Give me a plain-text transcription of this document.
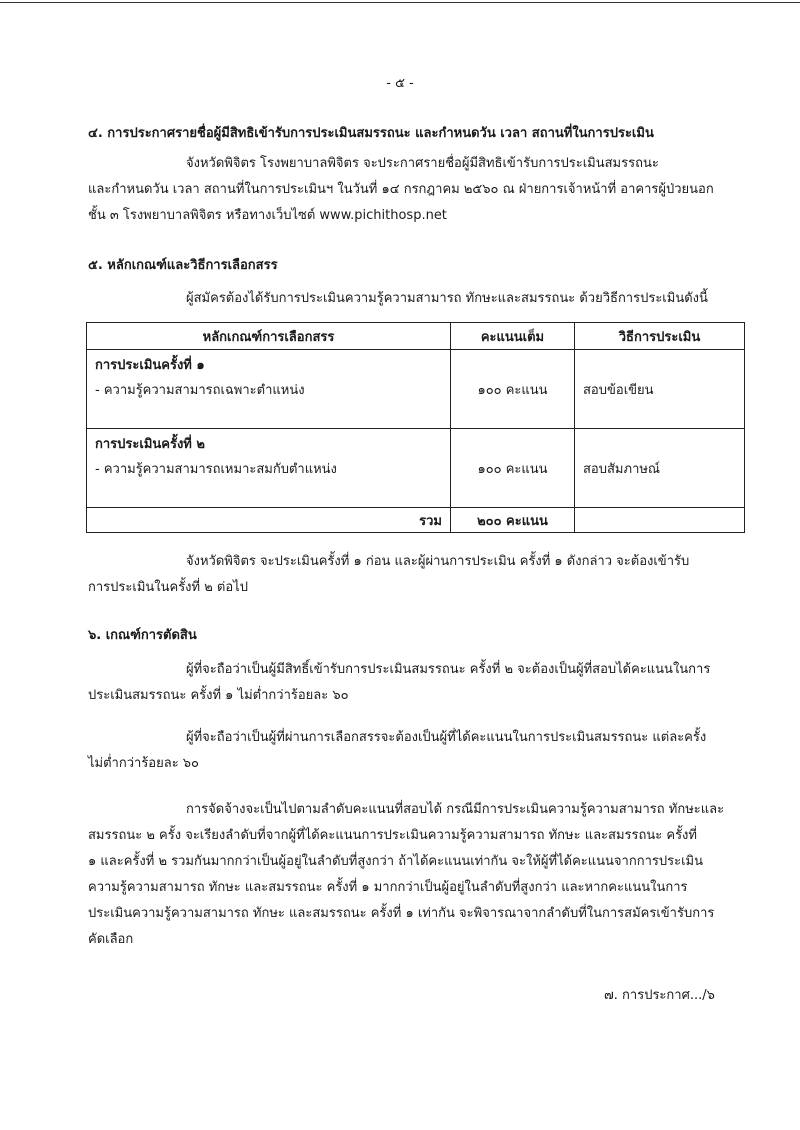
- ๕ -
๔. การประกาศรายชื่อผู้มีสิทธิเข้ารับการประเมินสมรรถนะ และกำหนดวัน เวลา สถานที่ในการประเมิน
จังหวัดพิจิตร โรงพยาบาลพิจิตร จะประกาศรายชื่อผู้มีสิทธิเข้ารับการประเมินสมรรถนะ
และกำหนดวัน เวลา สถานที่ในการประเมินฯ ในวันที่ ๑๔ กรกฎาคม ๒๕๖๐ ณ ฝ่ายการเจ้าหน้าที่ อาคารผู้ป่วยนอก
ชั้น ๓ โรงพยาบาลพิจิตร หรือทางเว็บไซต์ www.pichithosp.net
๕. หลักเกณฑ์และวิธีการเลือกสรร
ผู้สมัครต้องได้รับการประเมินความรู้ความสามารถ ทักษะและสมรรถนะ ด้วยวิธีการประเมินดังนี้
หลักเกณฑ์การเลือกสรร	คะแนนเต็ม	วิธีการประเมิน

การประเมินครั้งที่ ๑
- ความรู้ความสามารถเฉพาะตำแหน่ง	๑๐๐ คะแนน	สอบข้อเขียน

การประเมินครั้งที่ ๒
- ความรู้ความสามารถเหมาะสมกับตำแหน่ง	๑๐๐ คะแนน	สอบสัมภาษณ์
รวม	๒๐๐ คะแนน	
จังหวัดพิจิตร จะประเมินครั้งที่ ๑ ก่อน และผู้ผ่านการประเมิน ครั้งที่ ๑ ดังกล่าว จะต้องเข้ารับ
การประเมินในครั้งที่ ๒ ต่อไป
๖. เกณฑ์การตัดสิน
ผู้ที่จะถือว่าเป็นผู้มีสิทธิ์เข้ารับการประเมินสมรรถนะ ครั้งที่ ๒ จะต้องเป็นผู้ที่สอบได้คะแนนในการ
ประเมินสมรรถนะ ครั้งที่ ๑ ไม่ต่ำกว่าร้อยละ ๖๐
ผู้ที่จะถือว่าเป็นผู้ที่ผ่านการเลือกสรรจะต้องเป็นผู้ที่ได้คะแนนในการประเมินสมรรถนะ แต่ละครั้ง
ไม่ต่ำกว่าร้อยละ ๖๐
การจัดจ้างจะเป็นไปตามลำดับคะแนนที่สอบได้ กรณีมีการประเมินความรู้ความสามารถ ทักษะและ
สมรรถนะ ๒ ครั้ง จะเรียงลำดับที่จากผู้ที่ได้คะแนนการประเมินความรู้ความสามารถ ทักษะ และสมรรถนะ ครั้งที่
๑ และครั้งที่ ๒ รวมกันมากกว่าเป็นผู้อยู่ในลำดับที่สูงกว่า ถ้าได้คะแนนเท่ากัน จะให้ผู้ที่ได้คะแนนจากการประเมิน
ความรู้ความสามารถ ทักษะ และสมรรถนะ ครั้งที่ ๑ มากกว่าเป็นผู้อยู่ในลำดับที่สูงกว่า และหากคะแนนในการ
ประเมินความรู้ความสามารถ ทักษะ และสมรรถนะ ครั้งที่ ๑ เท่ากัน จะพิจารณาจากลำดับที่ในการสมัครเข้ารับการ
คัดเลือก
๗. การประกาศ.../๖
